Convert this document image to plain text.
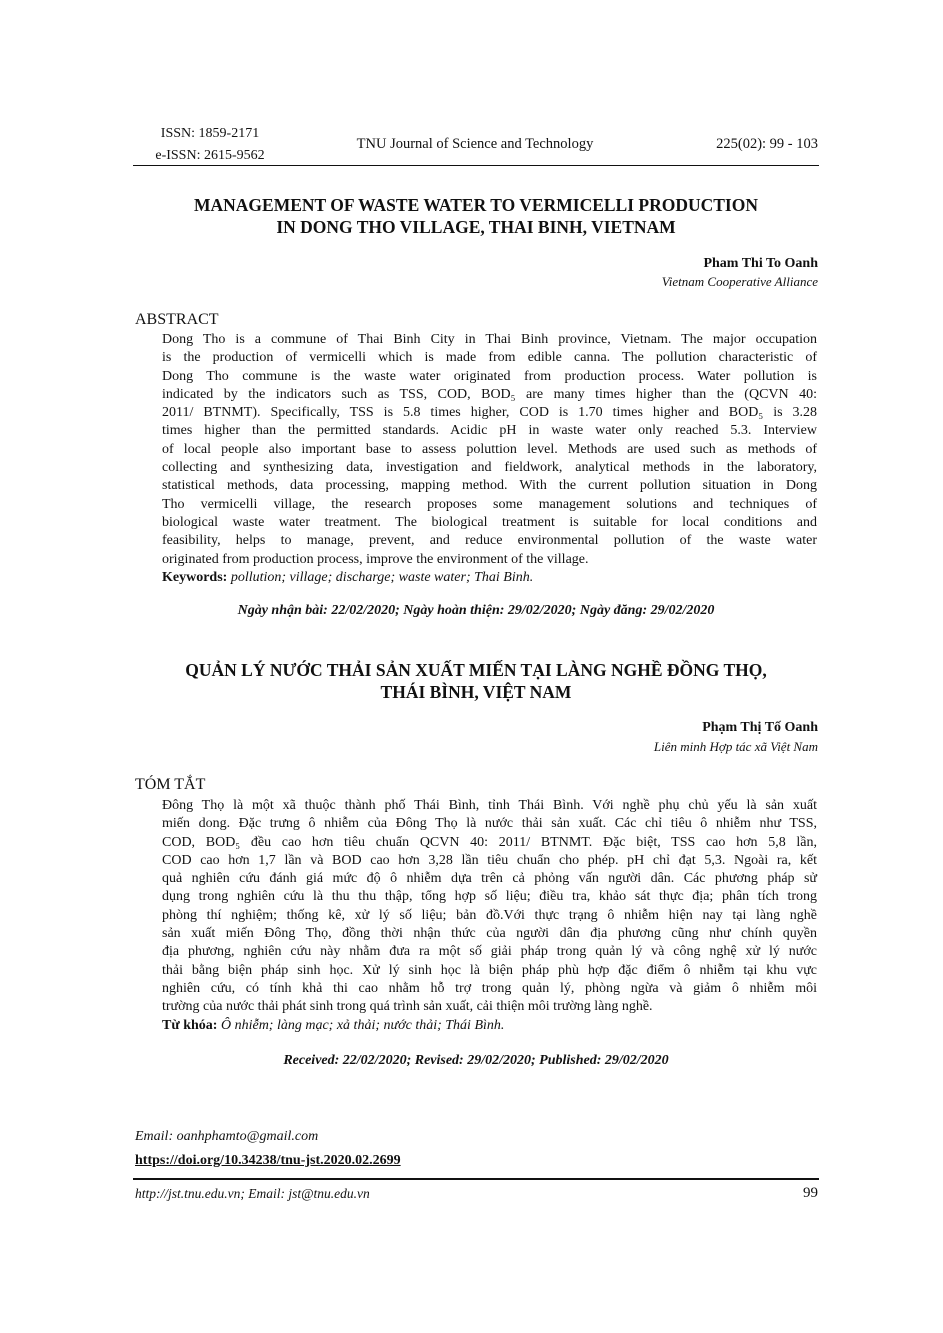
ISSN: 1859-2171
e-ISSN: 2615-9562
TNU Journal of Science and Technology	225(02): 99 - 103
MANAGEMENT OF WASTE WATER TO VERMICELLI PRODUCTION
IN DONG THO VILLAGE, THAI BINH, VIETNAM
Pham Thi To Oanh
Vietnam Cooperative Alliance
ABSTRACT
Dong Tho is a commune of Thai Binh City in Thai Binh province, Vietnam. The major occupation
is the production of vermicelli which is made from edible canna. The pollution characteristic of
Dong Tho commune is the waste water originated from production process. Water pollution is
indicated by the indicators such as TSS, COD, BOD₅ are many times higher than the (QCVN 40:
2011/ BTNMT). Specifically, TSS is 5.8 times higher, COD is 1.70 times higher and BOD₅ is 3.28
times higher than the permitted standards. Acidic pH in waste water only reached 5.3. Interview
of local people also important base to assess poluttion level. Methods are used such as methods of
collecting and synthesizing data, investigation and fieldwork, analytical methods in the laboratory,
statistical methods, data processing, mapping method. With the current pollution situation in Dong
Tho vermicelli village, the research proposes some management solutions and techniques of
biological waste water treatment. The biological treatment is suitable for local conditions and
feasibility, helps to manage, prevent, and reduce environmental pollution of the waste water
originated from production process, improve the environment of the village.
Keywords: pollution; village; discharge; waste water; Thai Binh.
Ngày nhận bài: 22/02/2020; Ngày hoàn thiện: 29/02/2020; Ngày đăng: 29/02/2020
QUẢN LÝ NƯỚC THẢI SẢN XUẤT MIẾN TẠI LÀNG NGHỀ ĐỒNG THỌ,
THÁI BÌNH, VIỆT NAM
Phạm Thị Tố Oanh
Liên minh Hợp tác xã Việt Nam
TÓM TẮT
Đông Thọ là một xã thuộc thành phố Thái Bình, tỉnh Thái Bình. Với nghề phụ chủ yếu là sản xuất
miến dong. Đặc trưng ô nhiễm của Đông Thọ là nước thải sản xuất. Các chỉ tiêu ô nhiễm như TSS,
COD, BOD₅ đều cao hơn tiêu chuẩn QCVN 40: 2011/ BTNMT. Đặc biệt, TSS cao hơn 5,8 lần,
COD cao hơn 1,7 lần và BOD cao hơn 3,28 lần tiêu chuẩn cho phép. pH chỉ đạt 5,3. Ngoài ra, kết
quả nghiên cứu đánh giá mức độ ô nhiễm dựa trên cả phỏng vấn người dân. Các phương pháp sử
dụng trong nghiên cứu là thu thu thập, tổng hợp số liệu; điều tra, khảo sát thực địa; phân tích trong
phòng thí nghiệm; thống kê, xử lý số liệu; bản đồ.Với thực trạng ô nhiễm hiện nay tại làng nghề
sản xuất miến Đông Thọ, đồng thời nhận thức của người dân địa phương cũng như chính quyền
địa phương, nghiên cứu này nhằm đưa ra một số giải pháp trong quản lý và công nghệ xử lý nước
thải bằng biện pháp sinh học. Xử lý sinh học là biện pháp phù hợp đặc điểm ô nhiễm tại khu vực
nghiên cứu, có tính khả thi cao nhằm hỗ trợ trong quản lý, phòng ngừa và giảm ô nhiễm môi
trường của nước thải phát sinh trong quá trình sản xuất, cải thiện môi trường làng nghề.
Từ khóa: Ô nhiễm; làng mạc; xả thải; nước thải; Thái Bình.
Received: 22/02/2020; Revised: 29/02/2020; Published: 29/02/2020
Email: oanhphamto@gmail.com
https://doi.org/10.34238/tnu-jst.2020.02.2699
http://jst.tnu.edu.vn; Email: jst@tnu.edu.vn	99
